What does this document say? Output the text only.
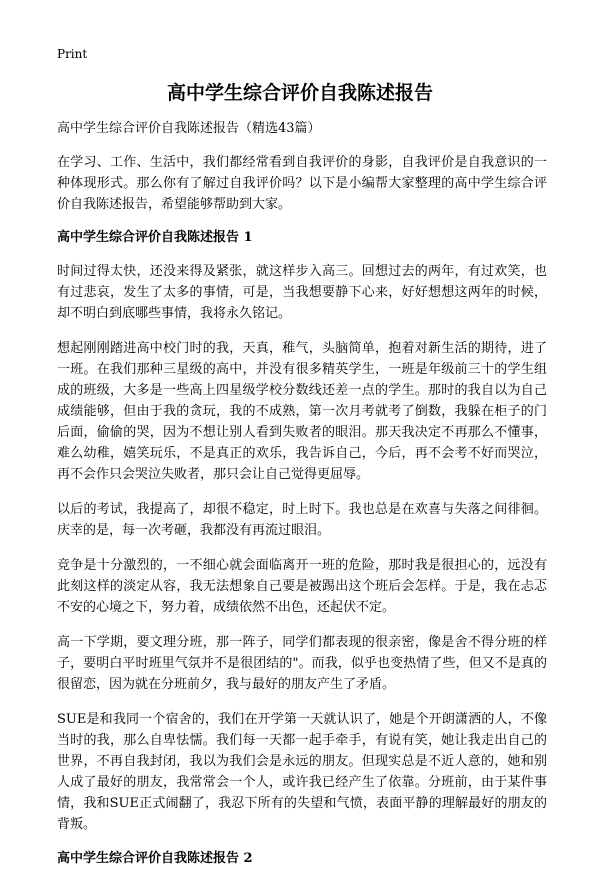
Print
高中学生综合评价自我陈述报告

高中学生综合评价自我陈述报告（精选43篇）

在学习、工作、生活中，我们都经常看到自我评价的身影，自我评价是自我意识的一种体现形式。那么你有了解过自我评价吗？以下是小编帮大家整理的高中学生综合评价自我陈述报告，希望能够帮助到大家。

高中学生综合评价自我陈述报告 1

时间过得太快，还没来得及紧张，就这样步入高三。回想过去的两年，有过欢笑，也有过悲哀，发生了太多的事情，可是，当我想要静下心来，好好想想这两年的时候，却不明白到底哪些事情，我将永久铭记。

想起刚刚踏进高中校门时的我，天真，稚气，头脑简单，抱着对新生活的期待，进了一班。在我们那种三星级的高中，并没有很多精英学生，一班是年级前三十的学生组成的班级，大多是一些高上四星级学校分数线还差一点的学生。那时的我自以为自己成绩能够，但由于我的贪玩，我的不成熟，第一次月考就考了倒数，我躲在柜子的门后面，偷偷的哭，因为不想让别人看到失败者的眼泪。那天我决定不再那么不懂事，难么幼稚，嬉笑玩乐，不是真正的欢乐，我告诉自己，今后，再不会考不好而哭泣，再不会作只会哭泣失败者，那只会让自己觉得更屈辱。

以后的考试，我提高了，却很不稳定，时上时下。我也总是在欢喜与失落之间徘徊。庆幸的是，每一次考砸，我都没有再流过眼泪。

竞争是十分激烈的，一不细心就会面临离开一班的危险，那时我是很担心的，远没有此刻这样的淡定从容，我无法想象自己要是被踢出这个班后会怎样。于是，我在忐忑不安的心境之下，努力着，成绩依然不出色，还起伏不定。

高一下学期，要文理分班，那一阵子，同学们都表现的很亲密，像是舍不得分班的样子，要明白平时班里气氛并不是很团结的"。而我，似乎也变热情了些，但又不是真的很留恋，因为就在分班前夕，我与最好的朋友产生了矛盾。

SUE是和我同一个宿舍的，我们在开学第一天就认识了，她是个开朗潇洒的人，不像当时的我，那么自卑怯懦。我们每一天都一起手牵手，有说有笑，她让我走出自己的世界，不再自我封闭，我以为我们会是永远的朋友。但现实总是不近人意的，她和别人成了最好的朋友，我常常会一个人，或许我已经产生了依靠。分班前，由于某件事情，我和SUE正式闹翻了，我忍下所有的失望和气愤，表面平静的理解最好的朋友的背叛。

高中学生综合评价自我陈述报告 2
